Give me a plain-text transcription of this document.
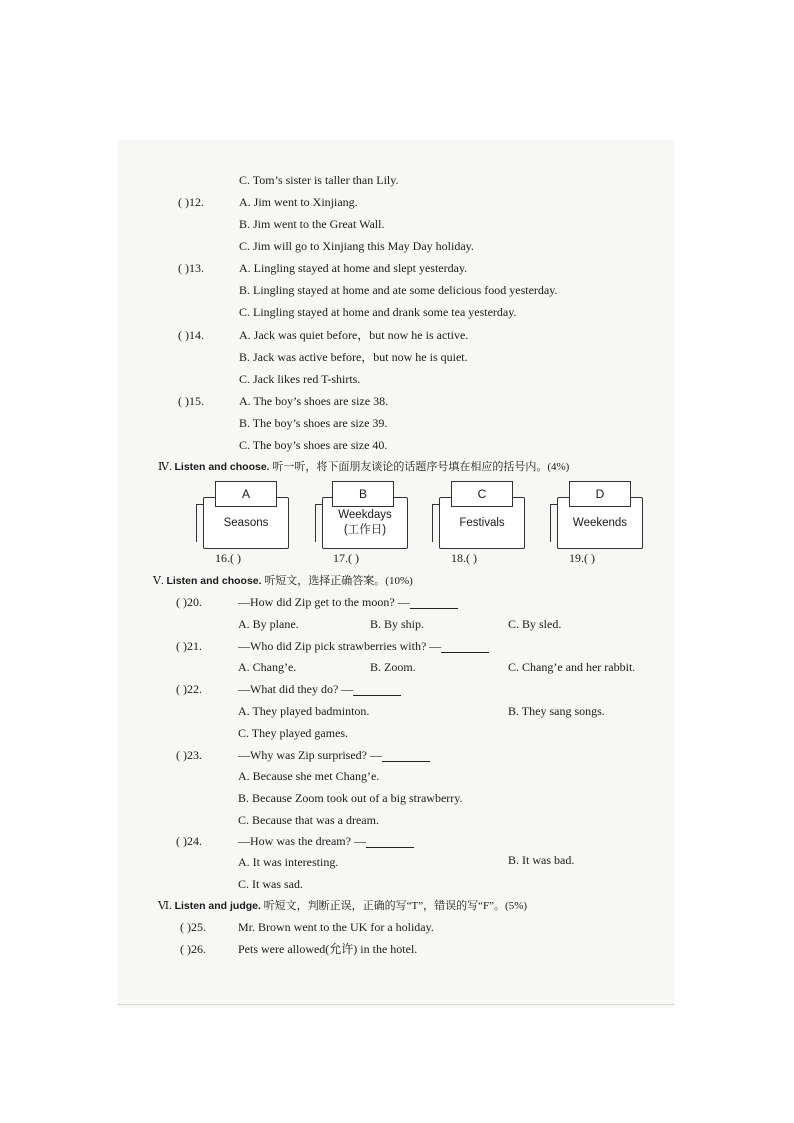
C. Tom’s sister is taller than Lily.
( )12.	A. Jim went to Xinjiang.
B. Jim went to the Great Wall.
C. Jim will go to Xinjiang this May Day holiday.
( )13.	A. Lingling stayed at home and slept yesterday.
B. Lingling stayed at home and ate some delicious food yesterday.
C. Lingling stayed at home and drank some tea yesterday.
( )14.	A. Jack was quiet before，but now he is active.
B. Jack was active before，but now he is quiet.
C. Jack likes red T-shirts.
( )15.	A. The boy’s shoes are size 38.
B. The boy’s shoes are size 39.
C. The boy’s shoes are size 40.
Ⅳ. Listen and choose. 听一听，将下面朋友谈论的话题序号填在相应的括号内。(4%)
Seasons
A
16.( )
Weekdays
(工作日)
B
17.( )
Festivals
C
18.( )
Weekends
D
19.( )
Ⅴ. Listen and choose. 听短文，选择正确答案。(10%)
( )20.	—How did Zip get to the moon? —
A. By plane.	B. By ship.	C. By sled.
( )21.	—Who did Zip pick strawberries with? —
A. Chang’e.	B. Zoom.	C. Chang’e and her rabbit.
( )22.	—What did they do? —
A. They played badminton.	B. They sang songs.
C. They played games.
( )23.	—Why was Zip surprised? —
A. Because she met Chang’e.
B. Because Zoom took out of a big strawberry.
C. Because that was a dream.
( )24.	—How was the dream? —
A. It was interesting.	B. It was bad.
C. It was sad.
Ⅵ. Listen and judge. 听短文，判断正误，正确的写“T”，错误的写“F”。(5%)
( )25.	Mr. Brown went to the UK for a holiday.
( )26.	Pets were allowed(允许) in the hotel.
